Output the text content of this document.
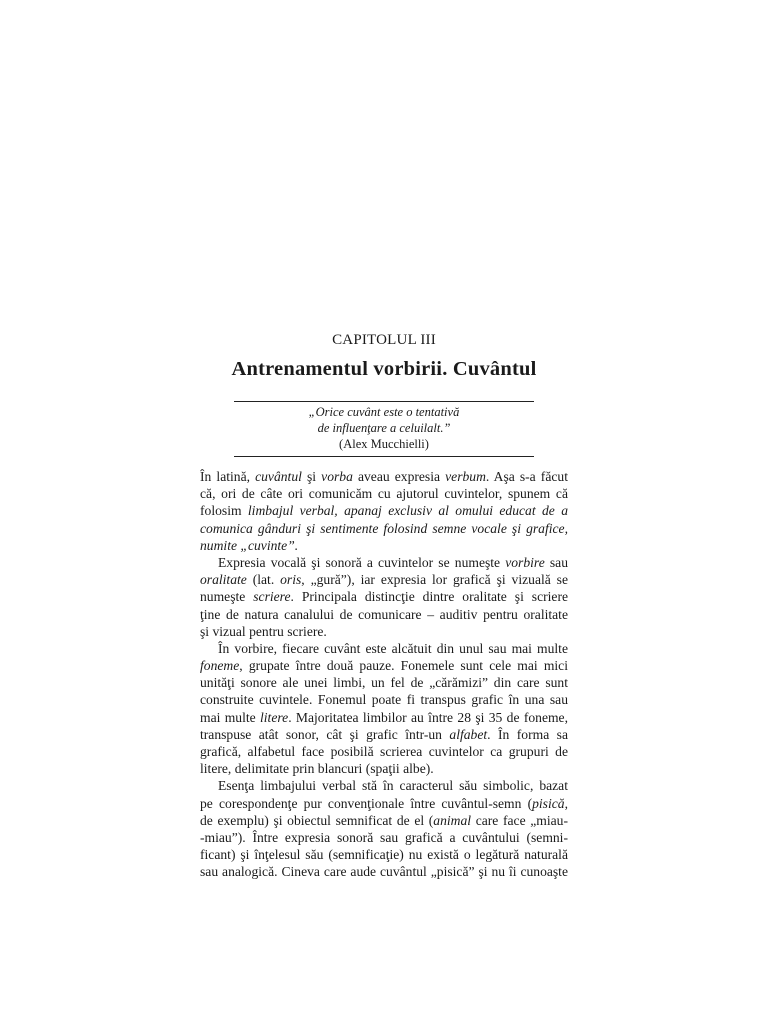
CAPITOLUL III
Antrenamentul vorbirii. Cuvântul
„Orice cuvânt este o tentativă
de influenţare a celuilalt.”
(Alex Mucchielli)
În latină, cuvântul şi vorba aveau expresia verbum. Aşa s-a făcut
că, ori de câte ori comunicăm cu ajutorul cuvintelor, spunem că
folosim limbajul verbal, apanaj exclusiv al omului educat de a
comunica gânduri şi sentimente folosind semne vocale şi grafice,
numite „cuvinte”.
Expresia vocală şi sonoră a cuvintelor se numeşte vorbire sau
oralitate (lat. oris, „gură”), iar expresia lor grafică şi vizuală se
numeşte scriere. Principala distincţie dintre oralitate şi scriere
ţine de natura canalului de comunicare – auditiv pentru oralitate
şi vizual pentru scriere.
În vorbire, fiecare cuvânt este alcătuit din unul sau mai multe
foneme, grupate între două pauze. Fonemele sunt cele mai mici
unităţi sonore ale unei limbi, un fel de „cărămizi” din care sunt
construite cuvintele. Fonemul poate fi transpus grafic în una sau
mai multe litere. Majoritatea limbilor au între 28 şi 35 de foneme,
transpuse atât sonor, cât şi grafic într-un alfabet. În forma sa
grafică, alfabetul face posibilă scrierea cuvintelor ca grupuri de
litere, delimitate prin blancuri (spaţii albe).
Esenţa limbajului verbal stă în caracterul său simbolic, bazat
pe corespondenţe pur convenţionale între cuvântul-semn (pisică,
de exemplu) şi obiectul semnificat de el (animal care face „miau-
-miau”). Între expresia sonoră sau grafică a cuvântului (semni-
ficant) şi înţelesul său (semnificaţie) nu există o legătură naturală
sau analogică. Cineva care aude cuvântul „pisică” şi nu îi cunoaşte
